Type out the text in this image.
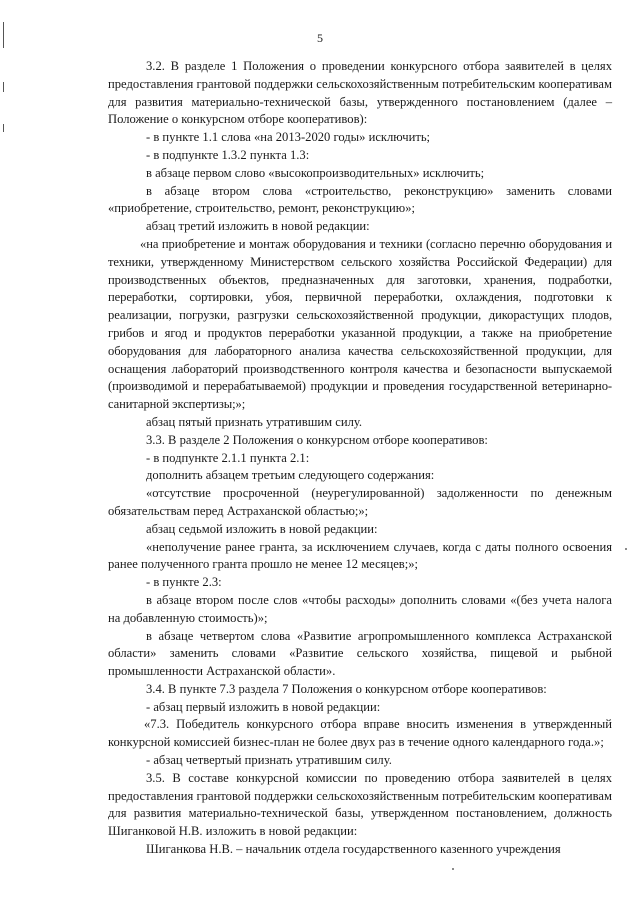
5

3.2. В разделе 1 Положения о проведении конкурсного отбора заявителей в целях предоставления грантовой поддержки сельскохозяйственным потребительским кооперативам для развития материально-технической базы, утвержденного постановлением (далее – Положение о конкурсном отборе кооперативов):

- в пункте 1.1 слова «на 2013-2020 годы» исключить;

- в подпункте 1.3.2 пункта 1.3:

в абзаце первом слово «высокопроизводительных» исключить;

в абзаце втором слова «строительство, реконструкцию» заменить словами «приобретение, строительство, ремонт, реконструкцию»;

абзац третий изложить в новой редакции:

«на приобретение и монтаж оборудования и техники (согласно перечню оборудования и техники, утвержденному Министерством сельского хозяйства Российской Федерации) для производственных объектов, предназначенных для заготовки, хранения, подработки, переработки, сортировки, убоя, первичной переработки, охлаждения, подготовки к реализации, погрузки, разгрузки сельскохозяйственной продукции, дикорастущих плодов, грибов и ягод и продуктов переработки указанной продукции, а также на приобретение оборудования для лабораторного анализа качества сельскохозяйственной продукции, для оснащения лабораторий производственного контроля качества и безопасности выпускаемой (производимой и перерабатываемой) продукции и проведения государственной ветеринарно-санитарной экспертизы;»;

абзац пятый признать утратившим силу.

3.3. В разделе 2 Положения о конкурсном отборе кооперативов:

- в подпункте 2.1.1 пункта 2.1:

дополнить абзацем третьим следующего содержания:

«отсутствие просроченной (неурегулированной) задолженности по денежным обязательствам перед Астраханской областью;»;

абзац седьмой изложить в новой редакции:

«неполучение ранее гранта, за исключением случаев, когда с даты полного освоения ранее полученного гранта прошло не менее 12 месяцев;»;

- в пункте 2.3:

в абзаце втором после слов «чтобы расходы» дополнить словами «(без учета налога на добавленную стоимость)»;

в абзаце четвертом слова «Развитие агропромышленного комплекса Астраханской области» заменить словами «Развитие сельского хозяйства, пищевой и рыбной промышленности Астраханской области».

3.4. В пункте 7.3 раздела 7 Положения о конкурсном отборе кооперативов:

- абзац первый изложить в новой редакции:

«7.3. Победитель конкурсного отбора вправе вносить изменения в утвержденный конкурсной комиссией бизнес-план не более двух раз в течение одного календарного года.»;

- абзац четвертый признать утратившим силу.

3.5. В составе конкурсной комиссии по проведению отбора заявителей в целях предоставления грантовой поддержки сельскохозяйственным потребительским кооперативам для развития материально-технической базы, утвержденном постановлением, должность Шиганковой Н.В. изложить в новой редакции:

Шиганкова Н.В. – начальник отдела государственного казенного учреждения
